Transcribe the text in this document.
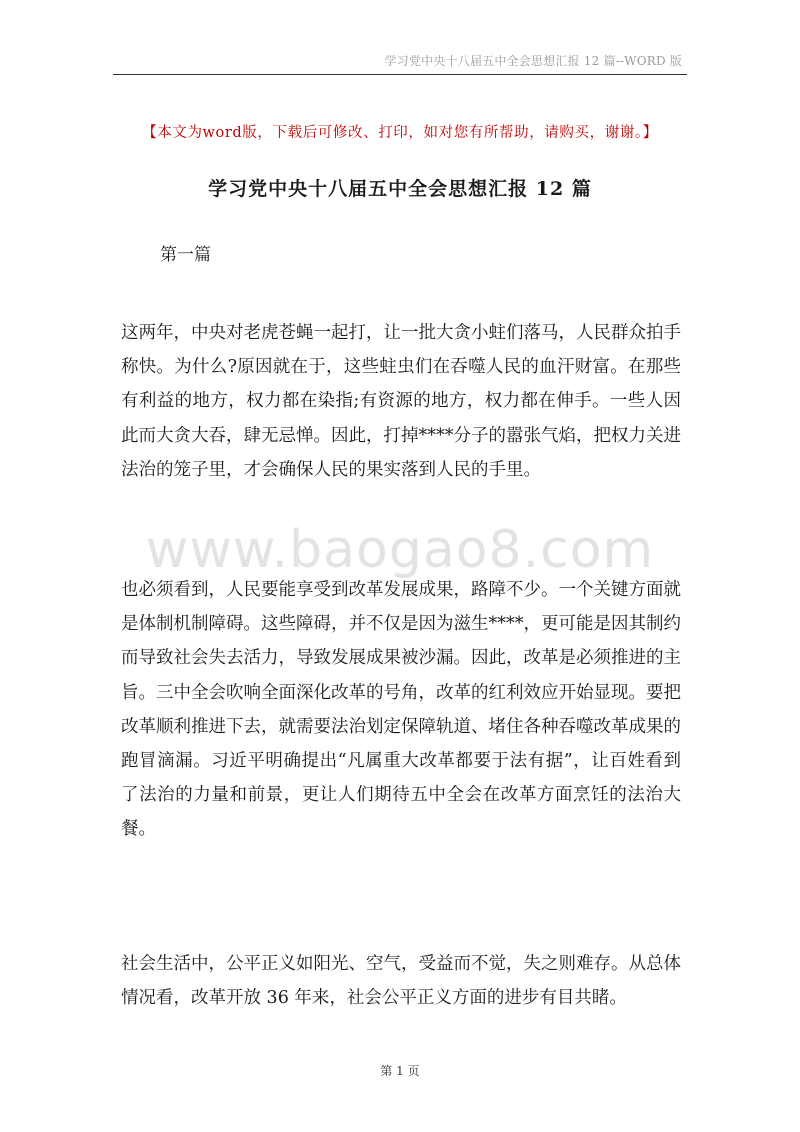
学习党中央十八届五中全会思想汇报 12 篇--WORD 版
【本文为word版，下载后可修改、打印，如对您有所帮助，请购买，谢谢。】
学习党中央十八届五中全会思想汇报 12 篇
第一篇

这两年，中央对老虎苍蝇一起打，让一批大贪小蛀们落马，人民群众拍手称快。为什么?原因就在于，这些蛀虫们在吞噬人民的血汗财富。在那些有利益的地方，权力都在染指;有资源的地方，权力都在伸手。一些人因此而大贪大吞，肆无忌惮。因此，打掉****分子的嚣张气焰，把权力关进法治的笼子里，才会确保人民的果实落到人民的手里。

www.baogao8.com

也必须看到，人民要能享受到改革发展成果，路障不少。一个关键方面就是体制机制障碍。这些障碍，并不仅是因为滋生****，更可能是因其制约而导致社会失去活力，导致发展成果被沙漏。因此，改革是必须推进的主旨。三中全会吹响全面深化改革的号角，改革的红利效应开始显现。要把改革顺利推进下去，就需要法治划定保障轨道、堵住各种吞噬改革成果的跑冒滴漏。习近平明确提出“凡属重大改革都要于法有据”，让百姓看到了法治的力量和前景，更让人们期待五中全会在改革方面烹饪的法治大餐。

社会生活中，公平正义如阳光、空气，受益而不觉，失之则难存。从总体情况看，改革开放 36 年来，社会公平正义方面的进步有目共睹。

第 1 页
